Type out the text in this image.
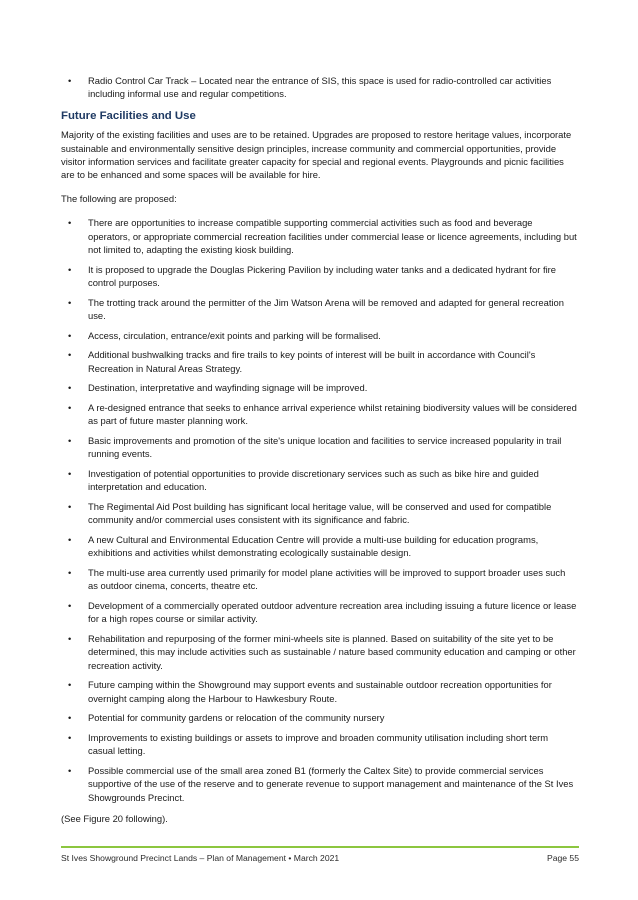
• Radio Control Car Track – Located near the entrance of SIS, this space is used for radio-controlled car activities including informal use and regular competitions.
Future Facilities and Use

Majority of the existing facilities and uses are to be retained. Upgrades are proposed to restore heritage values, incorporate sustainable and environmentally sensitive design principles, increase community and commercial opportunities, provide visitor information services and facilitate greater capacity for special and regional events. Playgrounds and picnic facilities are to be enhanced and some spaces will be available for hire.

The following are proposed:

• There are opportunities to increase compatible supporting commercial activities such as food and beverage operators, or appropriate commercial recreation facilities under commercial lease or licence agreements, including but not limited to, adapting the existing kiosk building.
• It is proposed to upgrade the Douglas Pickering Pavilion by including water tanks and a dedicated hydrant for fire control purposes.
• The trotting track around the permitter of the Jim Watson Arena will be removed and adapted for general recreation use.
• Access, circulation, entrance/exit points and parking will be formalised.
• Additional bushwalking tracks and fire trails to key points of interest will be built in accordance with Council's Recreation in Natural Areas Strategy.
• Destination, interpretative and wayfinding signage will be improved.
• A re-designed entrance that seeks to enhance arrival experience whilst retaining biodiversity values will be considered as part of future master planning work.
• Basic improvements and promotion of the site's unique location and facilities to service increased popularity in trail running events.
• Investigation of potential opportunities to provide discretionary services such as such as bike hire and guided interpretation and education.
• The Regimental Aid Post building has significant local heritage value, will be conserved and used for compatible community and/or commercial uses consistent with its significance and fabric.
• A new Cultural and Environmental Education Centre will provide a multi-use building for education programs, exhibitions and activities whilst demonstrating ecologically sustainable design.
• The multi-use area currently used primarily for model plane activities will be improved to support broader uses such as outdoor cinema, concerts, theatre etc.
• Development of a commercially operated outdoor adventure recreation area including issuing a future licence or lease for a high ropes course or similar activity.
• Rehabilitation and repurposing of the former mini-wheels site is planned. Based on suitability of the site yet to be determined, this may include activities such as sustainable / nature based community education and camping or other recreation activity.
• Future camping within the Showground may support events and sustainable outdoor recreation opportunities for overnight camping along the Harbour to Hawkesbury Route.
• Potential for community gardens or relocation of the community nursery
• Improvements to existing buildings or assets to improve and broaden community utilisation including short term casual letting.
• Possible commercial use of the small area zoned B1 (formerly the Caltex Site) to provide commercial services supportive of the use of the reserve and to generate revenue to support management and maintenance of the St Ives Showgrounds Precinct.

(See Figure 20 following).

St Ives Showground Precinct Lands – Plan of Management • March 2021	Page 55
